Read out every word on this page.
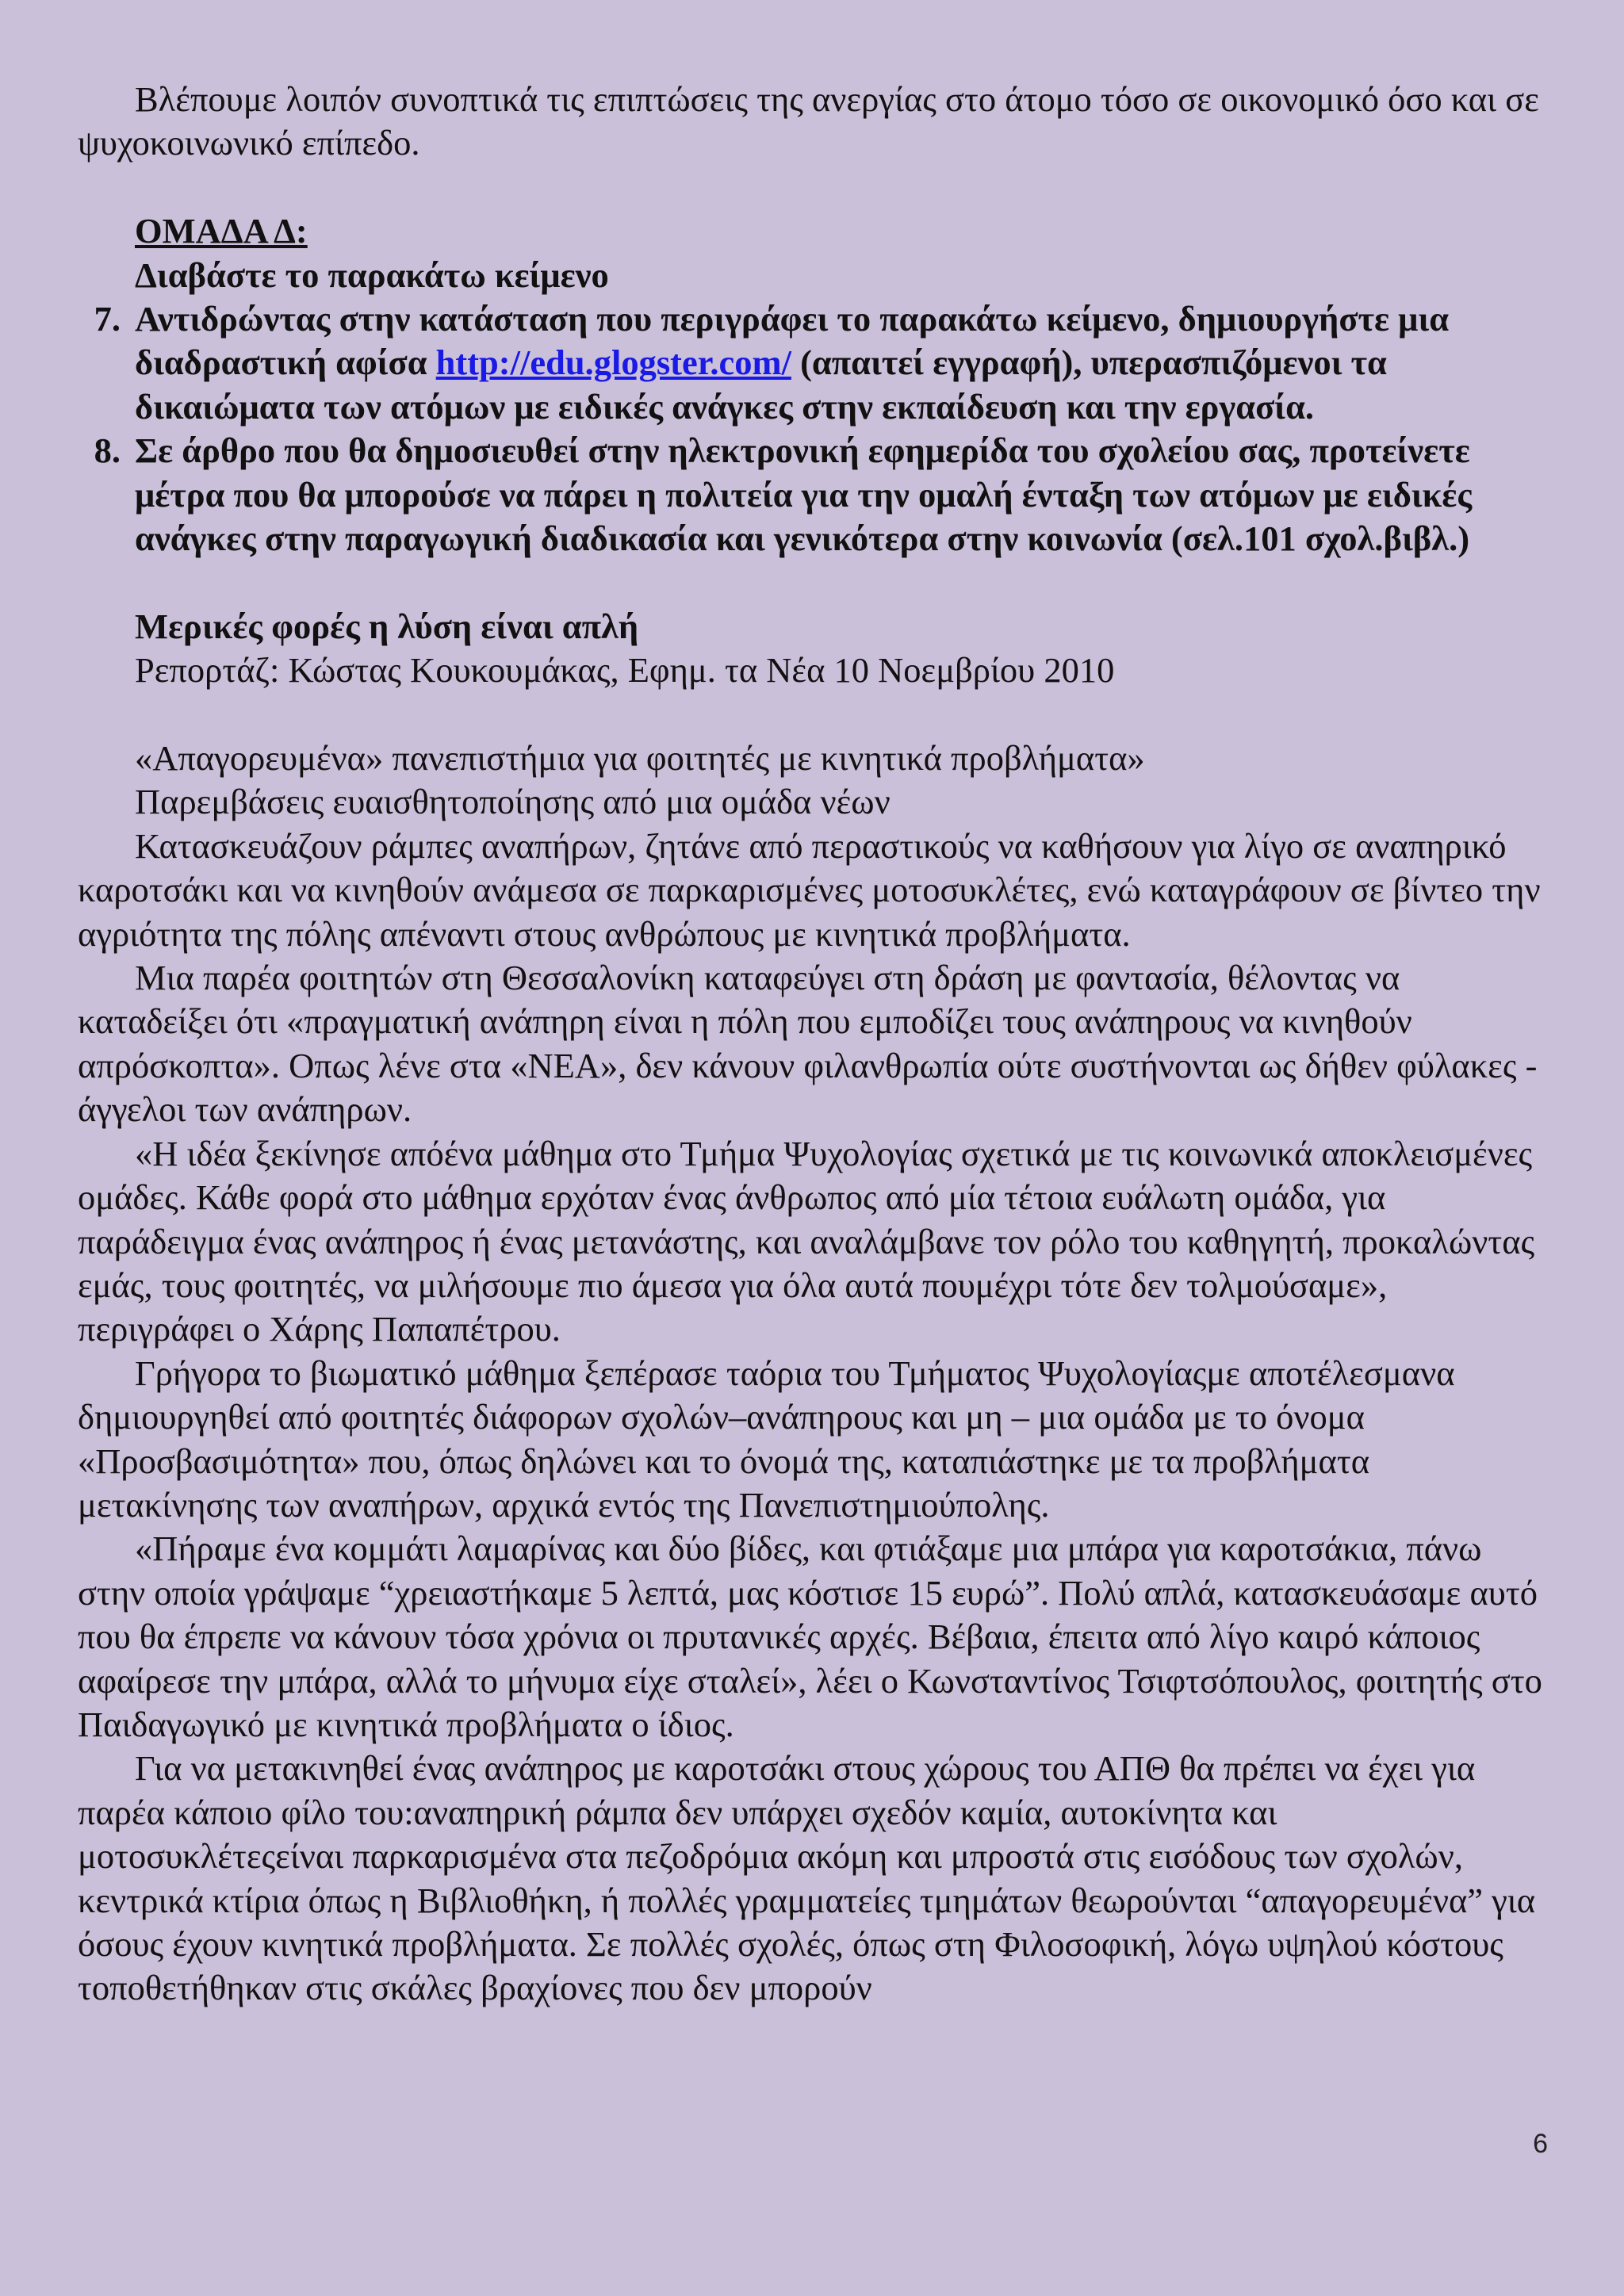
Βλέπουμε λοιπόν συνοπτικά τις επιπτώσεις της ανεργίας στο άτομο τόσο σε οικονομικό όσο και σε ψυχοκοινωνικό επίπεδο.

ΟΜΑΔΑ Δ:
Διαβάστε το παρακάτω κείμενο
7. Αντιδρώντας στην κατάσταση που περιγράφει το παρακάτω κείμενο, δημιουργήστε μια διαδραστική αφίσα http://edu.glogster.com/ (απαιτεί εγγραφή), υπερασπιζόμενοι τα δικαιώματα των ατόμων με ειδικές ανάγκες στην εκπαίδευση και την εργασία.
8. Σε άρθρο που θα δημοσιευθεί στην ηλεκτρονική εφημερίδα του σχολείου σας, προτείνετε μέτρα που θα μπορούσε να πάρει η πολιτεία για την ομαλή ένταξη των ατόμων με ειδικές ανάγκες στην παραγωγική διαδικασία και γενικότερα στην κοινωνία (σελ.101 σχολ.βιβλ.)
Μερικές φορές η λύση είναι απλή
Ρεπορτάζ: Κώστας Κουκουμάκας, Εφημ. τα Νέα 10 Νοεμβρίου 2010
«Απαγορευμένα» πανεπιστήμια για φοιτητές με κινητικά προβλήματα»
Παρεμβάσεις ευαισθητοποίησης από μια ομάδα νέων

Κατασκευάζουν ράμπες αναπήρων, ζητάνε από περαστικούς να καθήσουν για λίγο σε αναπηρικό καροτσάκι και να κινηθούν ανάμεσα σε παρκαρισμένες μοτοσυκλέτες, ενώ καταγράφουν σε βίντεο την αγριότητα της πόλης απέναντι στους ανθρώπους με κινητικά προβλήματα.

Μια παρέα φοιτητών στη Θεσσαλονίκη καταφεύγει στη δράση με φαντασία, θέλοντας να καταδείξει ότι «πραγματική ανάπηρη είναι η πόλη που εμποδίζει τους ανάπηρους να κινηθούν απρόσκοπτα». Οπως λένε στα «ΝΕΑ», δεν κάνουν φιλανθρωπία ούτε συστήνονται ως δήθεν φύλακες - άγγελοι των ανάπηρων.

«Η ιδέα ξεκίνησε απόένα μάθημα στο Τμήμα Ψυχολογίας σχετικά με τις κοινωνικά αποκλεισμένες ομάδες. Κάθε φορά στο μάθημα ερχόταν ένας άνθρωπος από μία τέτοια ευάλωτη ομάδα, για παράδειγμα ένας ανάπηρος ή ένας μετανάστης, και αναλάμβανε τον ρόλο του καθηγητή, προκαλώντας εμάς, τους φοιτητές, να μιλήσουμε πιο άμεσα για όλα αυτά πουμέχρι τότε δεν τολμούσαμε», περιγράφει ο Χάρης Παπαπέτρου.

Γρήγορα το βιωματικό μάθημα ξεπέρασε ταόρια του Τμήματος Ψυχολογίαςμε αποτέλεσμανα δημιουργηθεί από φοιτητές διάφορων σχολών–ανάπηρους και μη – μια ομάδα με το όνομα «Προσβασιμότητα» που, όπως δηλώνει και το όνομά της, καταπιάστηκε με τα προβλήματα μετακίνησης των αναπήρων, αρχικά εντός της Πανεπιστημιούπολης.

«Πήραμε ένα κομμάτι λαμαρίνας και δύο βίδες, και φτιάξαμε μια μπάρα για καροτσάκια, πάνω στην οποία γράψαμε “χρειαστήκαμε 5 λεπτά, μας κόστισε 15 ευρώ”. Πολύ απλά, κατασκευάσαμε αυτό που θα έπρεπε να κάνουν τόσα χρόνια οι πρυτανικές αρχές. Βέβαια, έπειτα από λίγο καιρό κάποιος αφαίρεσε την μπάρα, αλλά το μήνυμα είχε σταλεί», λέει ο Κωνσταντίνος Τσιφτσόπουλος, φοιτητής στο Παιδαγωγικό με κινητικά προβλήματα ο ίδιος.

Για να μετακινηθεί ένας ανάπηρος με καροτσάκι στους χώρους του ΑΠΘ θα πρέπει να έχει για παρέα κάποιο φίλο του:αναπηρική ράμπα δεν υπάρχει σχεδόν καμία, αυτοκίνητα και μοτοσυκλέτεςείναι παρκαρισμένα στα πεζοδρόμια ακόμη και μπροστά στις εισόδους των σχολών, κεντρικά κτίρια όπως η Βιβλιοθήκη, ή πολλές γραμματείες τμημάτων θεωρούνται “απαγορευμένα” για όσους έχουν κινητικά προβλήματα. Σε πολλές σχολές, όπως στη Φιλοσοφική, λόγω υψηλού κόστους τοποθετήθηκαν στις σκάλες βραχίονες που δεν μπορούν

6
